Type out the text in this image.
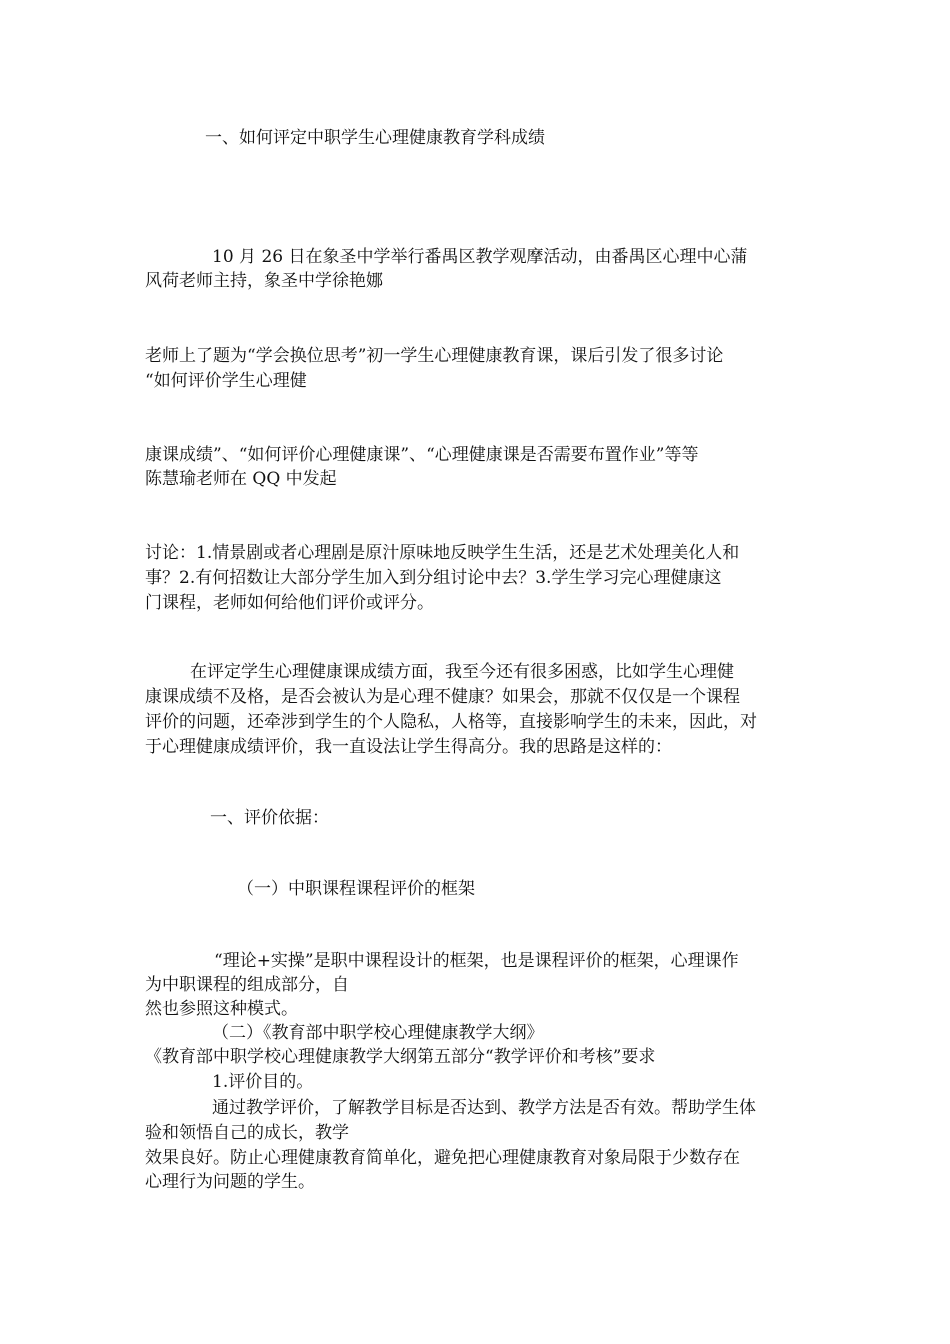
一、如何评定中职学生心理健康教育学科成绩
10 月 26 日在象圣中学举行番禺区教学观摩活动，由番禺区心理中心蒲
风荷老师主持，象圣中学徐艳娜
老师上了题为“学会换位思考”初一学生心理健康教育课，课后引发了很多讨论
“如何评价学生心理健
康课成绩”、“如何评价心理健康课”、“心理健康课是否需要布置作业”等等
陈慧瑜老师在 QQ 中发起
讨论：1.情景剧或者心理剧是原汁原味地反映学生生活，还是艺术处理美化人和
事？2.有何招数让大部分学生加入到分组讨论中去？3.学生学习完心理健康这
门课程，老师如何给他们评价或评分。
在评定学生心理健康课成绩方面，我至今还有很多困惑，比如学生心理健
康课成绩不及格，是否会被认为是心理不健康？如果会，那就不仅仅是一个课程
评价的问题，还牵涉到学生的个人隐私，人格等，直接影响学生的未来，因此，对
于心理健康成绩评价，我一直设法让学生得高分。我的思路是这样的：
一、评价依据：
（一）中职课程课程评价的框架
“理论+实操”是职中课程设计的框架，也是课程评价的框架，心理课作
为中职课程的组成部分，自
然也参照这种模式。
（二）《教育部中职学校心理健康教学大纲》
《教育部中职学校心理健康教学大纲第五部分“教学评价和考核”要求
1.评价目的。
通过教学评价，了解教学目标是否达到、教学方法是否有效。帮助学生体
验和领悟自己的成长，教学
效果良好。防止心理健康教育简单化，避免把心理健康教育对象局限于少数存在
心理行为问题的学生。
